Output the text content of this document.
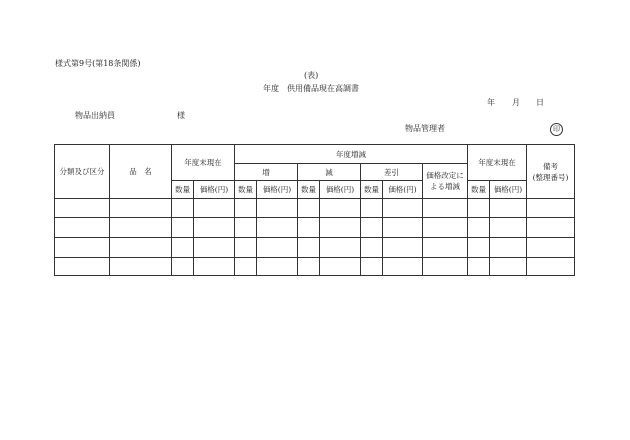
様式第9号(第18条関係)
(表)
年度　供用備品現在高調書
年 月 日
物品出納員	様
物品管理者	印
分類及び区分	品　名	年度末現在		年度増減							年度末現在		備考
(整理番号)

				増		減		差引		価格改定に
よる増減			

		数量	価格(円)	数量	価格(円)	数量	価格(円)	数量	価格(円)		数量	価格(円)	
